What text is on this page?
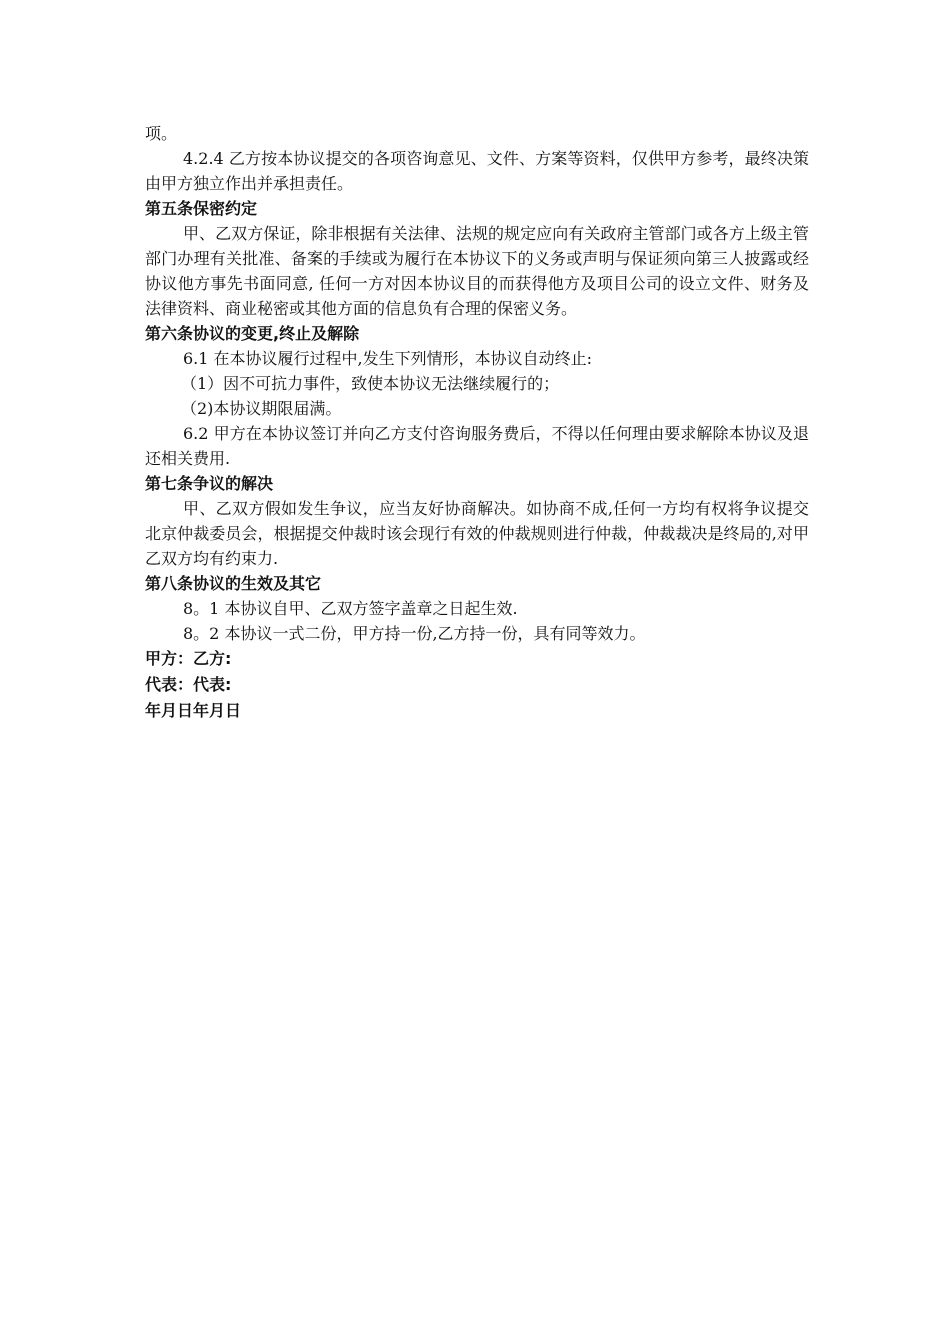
项。

4.2.4 乙方按本协议提交的各项咨询意见、文件、方案等资料，仅供甲方参考，最终决策由甲方独立作出并承担责任。

第五条保密约定

甲、乙双方保证，除非根据有关法律、法规的规定应向有关政府主管部门或各方上级主管部门办理有关批准、备案的手续或为履行在本协议下的义务或声明与保证须向第三人披露或经协议他方事先书面同意, 任何一方对因本协议目的而获得他方及项目公司的设立文件、财务及法律资料、商业秘密或其他方面的信息负有合理的保密义务。

第六条协议的变更,终止及解除

6.1 在本协议履行过程中,发生下列情形，本协议自动终止:

（1）因不可抗力事件，致使本协议无法继续履行的；

（2)本协议期限届满。

6.2 甲方在本协议签订并向乙方支付咨询服务费后，不得以任何理由要求解除本协议及退还相关费用.

第七条争议的解决

甲、乙双方假如发生争议，应当友好协商解决。如协商不成,任何一方均有权将争议提交北京仲裁委员会，根据提交仲裁时该会现行有效的仲裁规则进行仲裁，仲裁裁决是终局的,对甲乙双方均有约束力.

第八条协议的生效及其它

8。1 本协议自甲、乙双方签字盖章之日起生效.

8。2 本协议一式二份，甲方持一份,乙方持一份，具有同等效力。

甲方：乙方:

代表：代表:

年月日年月日
